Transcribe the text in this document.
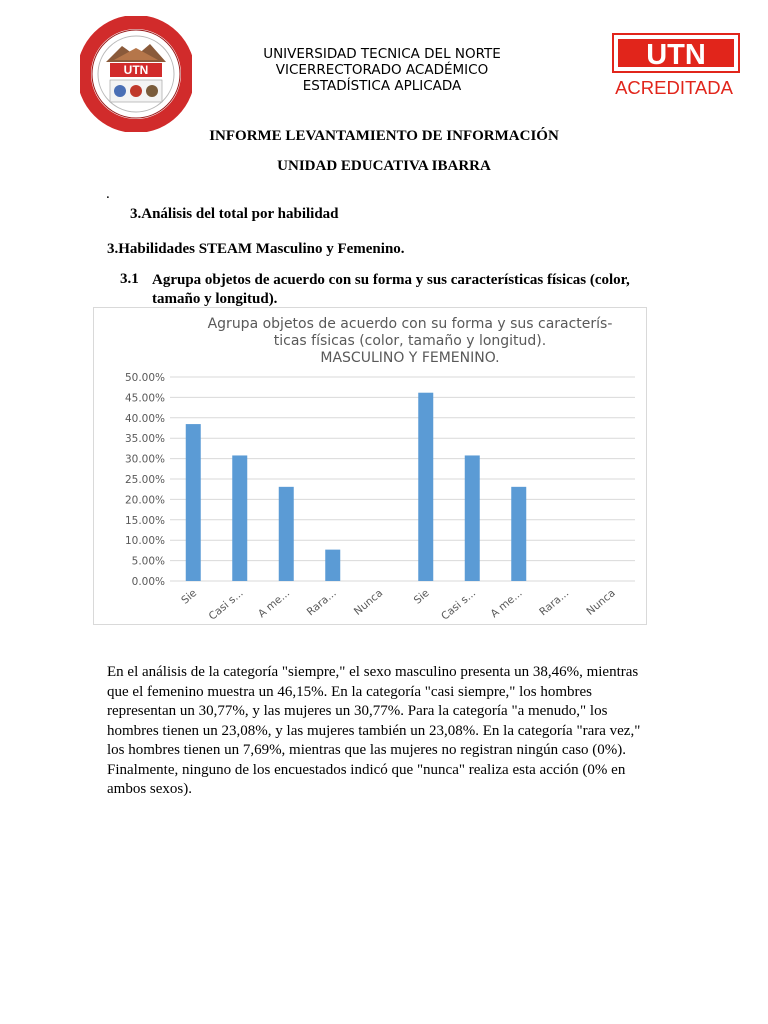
UTN
UNIVERSIDAD TECNICA DEL NORTE
VICERRECTORADO ACADÉMICO
ESTADÍSTICA APLICADA
UTN
ACREDITADA
INFORME LEVANTAMIENTO DE INFORMACIÓN
UNIDAD EDUCATIVA IBARRA
.
3.Análisis del total por habilidad
3.Habilidades STEAM Masculino y Femenino.
3.1 Agrupa objetos de acuerdo con su forma y sus características físicas (color, tamaño y longitud).
Agrupa objetos de acuerdo con su forma y sus caracterís-
ticas físicas (color, tamaño y longitud).
MASCULINO Y FEMENINO.
0.00%
5.00%
10.00%
15.00%
20.00%
25.00%
30.00%
35.00%
40.00%
45.00%
50.00%
Sie Casi s... A me... Rara... Nunca	Sie Casi s... A me... Rara... Nunca
En el análisis de la categoría "siempre," el sexo masculino presenta un 38,46%, mientras que el femenino muestra un 46,15%. En la categoría "casi siempre," los hombres representan un 30,77%, y las mujeres un 30,77%. Para la categoría "a menudo," los hombres tienen un 23,08%, y las mujeres también un 23,08%. En la categoría "rara vez," los hombres tienen un 7,69%, mientras que las mujeres no registran ningún caso (0%). Finalmente, ninguno de los encuestados indicó que "nunca" realiza esta acción (0% en ambos sexos).
